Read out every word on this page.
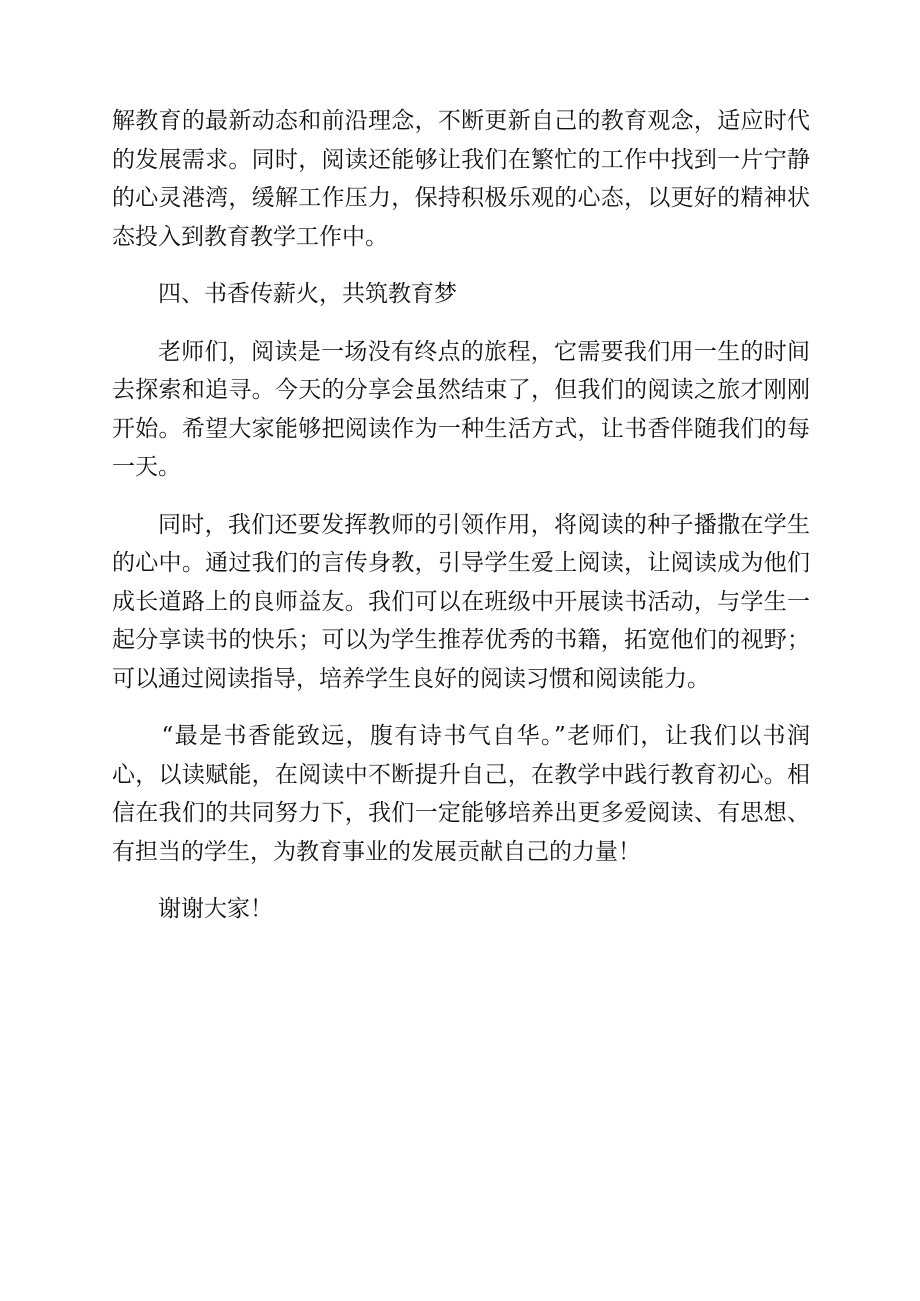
解教育的最新动态和前沿理念，不断更新自己的教育观念，适应时代的发展需求。同时，阅读还能够让我们在繁忙的工作中找到一片宁静的心灵港湾，缓解工作压力，保持积极乐观的心态，以更好的精神状态投入到教育教学工作中。

四、书香传薪火，共筑教育梦

老师们，阅读是一场没有终点的旅程，它需要我们用一生的时间去探索和追寻。今天的分享会虽然结束了，但我们的阅读之旅才刚刚开始。希望大家能够把阅读作为一种生活方式，让书香伴随我们的每一天。

同时，我们还要发挥教师的引领作用，将阅读的种子播撒在学生的心中。通过我们的言传身教，引导学生爱上阅读，让阅读成为他们成长道路上的良师益友。我们可以在班级中开展读书活动，与学生一起分享读书的快乐；可以为学生推荐优秀的书籍，拓宽他们的视野；可以通过阅读指导，培养学生良好的阅读习惯和阅读能力。

“最是书香能致远，腹有诗书气自华。”老师们，让我们以书润心，以读赋能，在阅读中不断提升自己，在教学中践行教育初心。相信在我们的共同努力下，我们一定能够培养出更多爱阅读、有思想、有担当的学生，为教育事业的发展贡献自己的力量！

谢谢大家！
